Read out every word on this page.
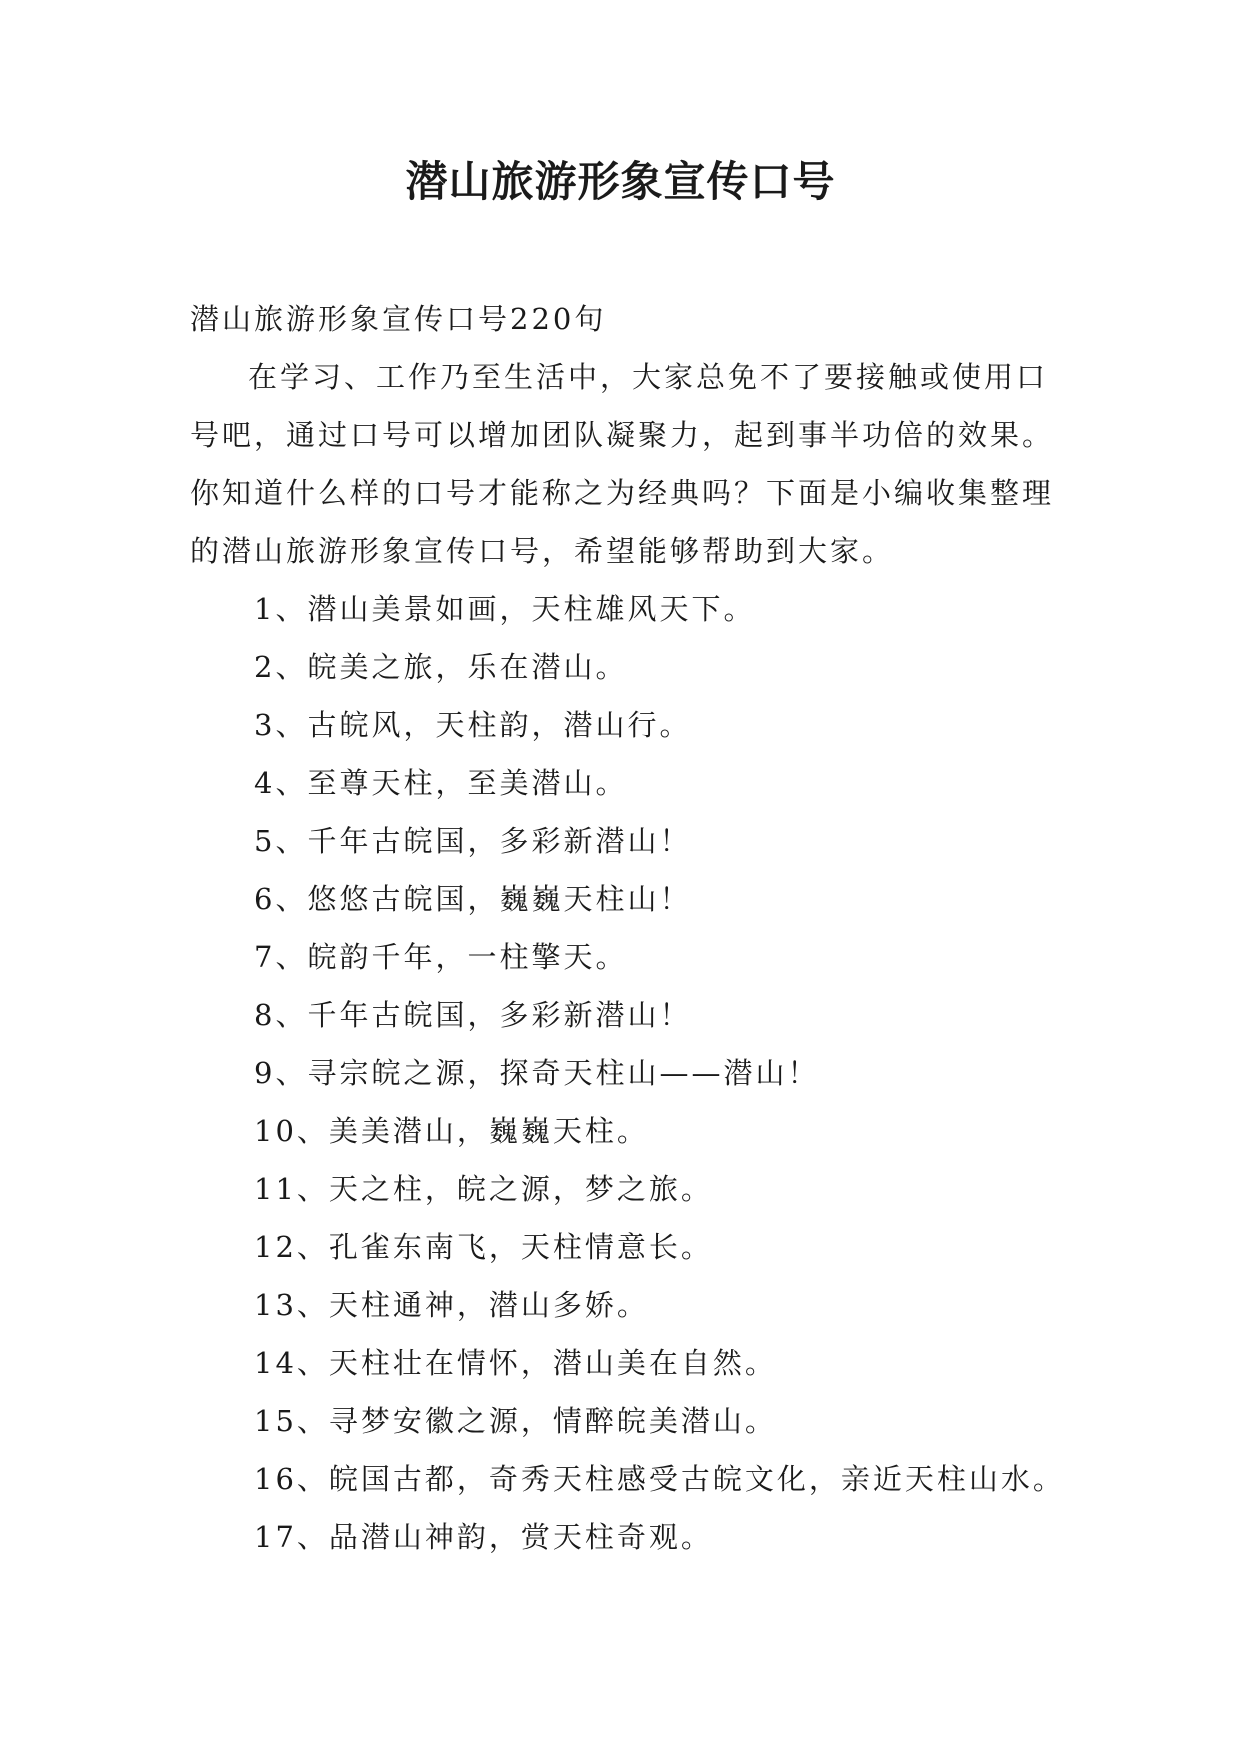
潜山旅游形象宣传口号

潜山旅游形象宣传口号220句

在学习、工作乃至生活中，大家总免不了要接触或使用口号吧，通过口号可以增加团队凝聚力，起到事半功倍的效果。你知道什么样的口号才能称之为经典吗？下面是小编收集整理的潜山旅游形象宣传口号，希望能够帮助到大家。

1、潜山美景如画，天柱雄风天下。

2、皖美之旅，乐在潜山。

3、古皖风，天柱韵，潜山行。

4、至尊天柱，至美潜山。

5、千年古皖国，多彩新潜山！

6、悠悠古皖国，巍巍天柱山！

7、皖韵千年，一柱擎天。

8、千年古皖国，多彩新潜山！

9、寻宗皖之源，探奇天柱山——潜山！

10、美美潜山，巍巍天柱。

11、天之柱，皖之源，梦之旅。

12、孔雀东南飞，天柱情意长。

13、天柱通神，潜山多娇。

14、天柱壮在情怀，潜山美在自然。

15、寻梦安徽之源，情醉皖美潜山。

16、皖国古都，奇秀天柱感受古皖文化，亲近天柱山水。

17、品潜山神韵，赏天柱奇观。
